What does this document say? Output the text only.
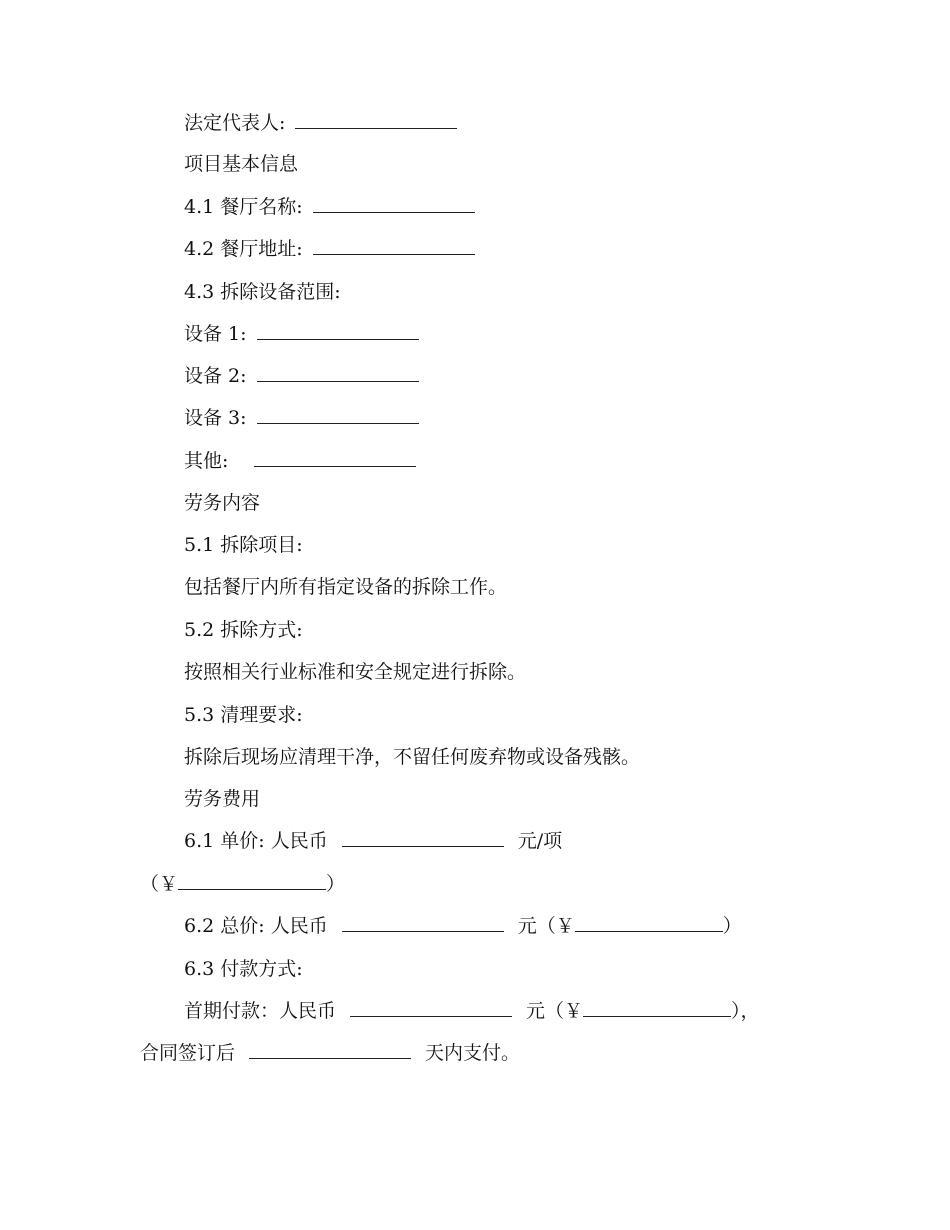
法定代表人:
项目基本信息
4.1 餐厅名称:
4.2 餐厅地址:
4.3 拆除设备范围:
设备 1:
设备 2:
设备 3:
其他:
劳务内容
5.1 拆除项目:
包括餐厅内所有指定设备的拆除工作。
5.2 拆除方式:
按照相关行业标准和安全规定进行拆除。
5.3 清理要求:
拆除后现场应清理干净，不留任何废弃物或设备残骸。
劳务费用
6.1 单价: 人民币	元/项
（￥	）
6.2 总价: 人民币	元（￥	）
6.3 付款方式:
首期付款：人民币	元（￥	），
合同签订后	天内支付。
